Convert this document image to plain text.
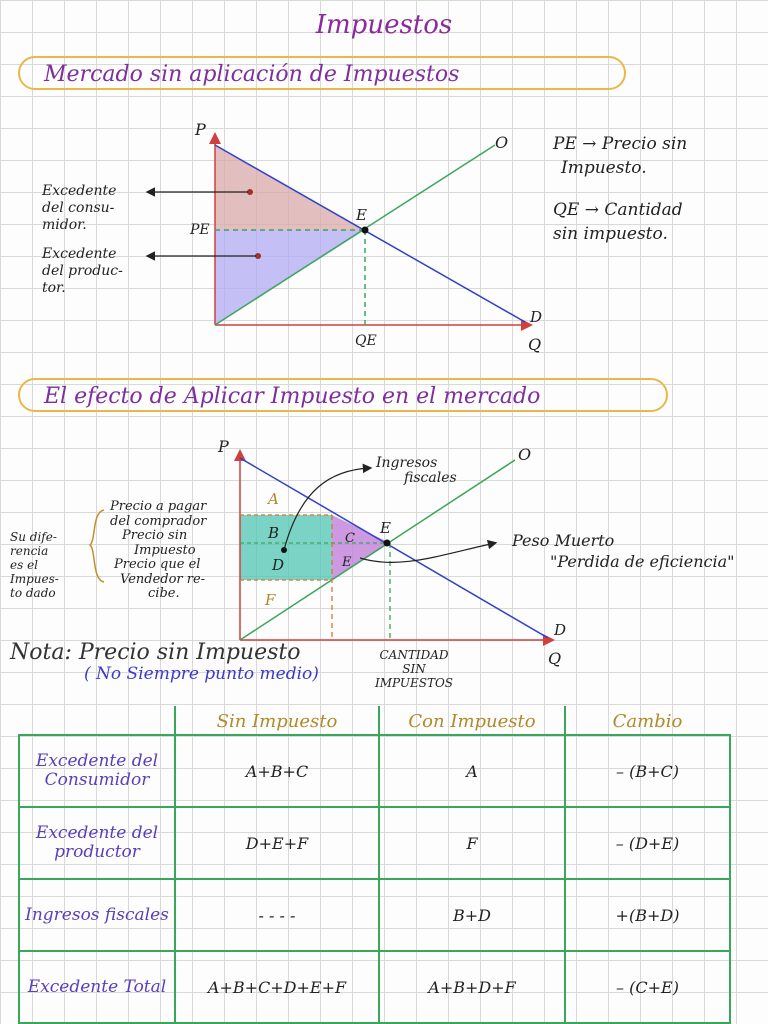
Impuestos
Mercado sin aplicación de Impuestos
P
Q
O
D
E
PE
QE
Excedente
del consu-
midor.
Excedente
del produc-
tor.
PE → Precio sin
Impuesto.
QE → Cantidad
sin impuesto.
El efecto de Aplicar Impuesto en el mercado
P
Q
O
D
E
A
B	C
D	E
F
Ingresos
fiscales
Peso Muerto
"Perdida de eficiencia"
Su dife-
rencia
es el
Impues-
to dado
Precio a pagar
del comprador
Precio sin
Impuesto
Precio que el
Vendedor re-
cibe.
CANTIDAD
SIN
IMPUESTOS
Nota: Precio sin Impuesto
( No Siempre punto medio)
	Sin Impuesto	Con Impuesto	Cambio
Excedente del Consumidor	A+B+C	A	– (B+C)
Excedente del productor	D+E+F	F	– (D+E)
Ingresos fiscales	- - - -	B+D	+(B+D)
Excedente Total	A+B+C+D+E+F	A+B+D+F	– (C+E)
